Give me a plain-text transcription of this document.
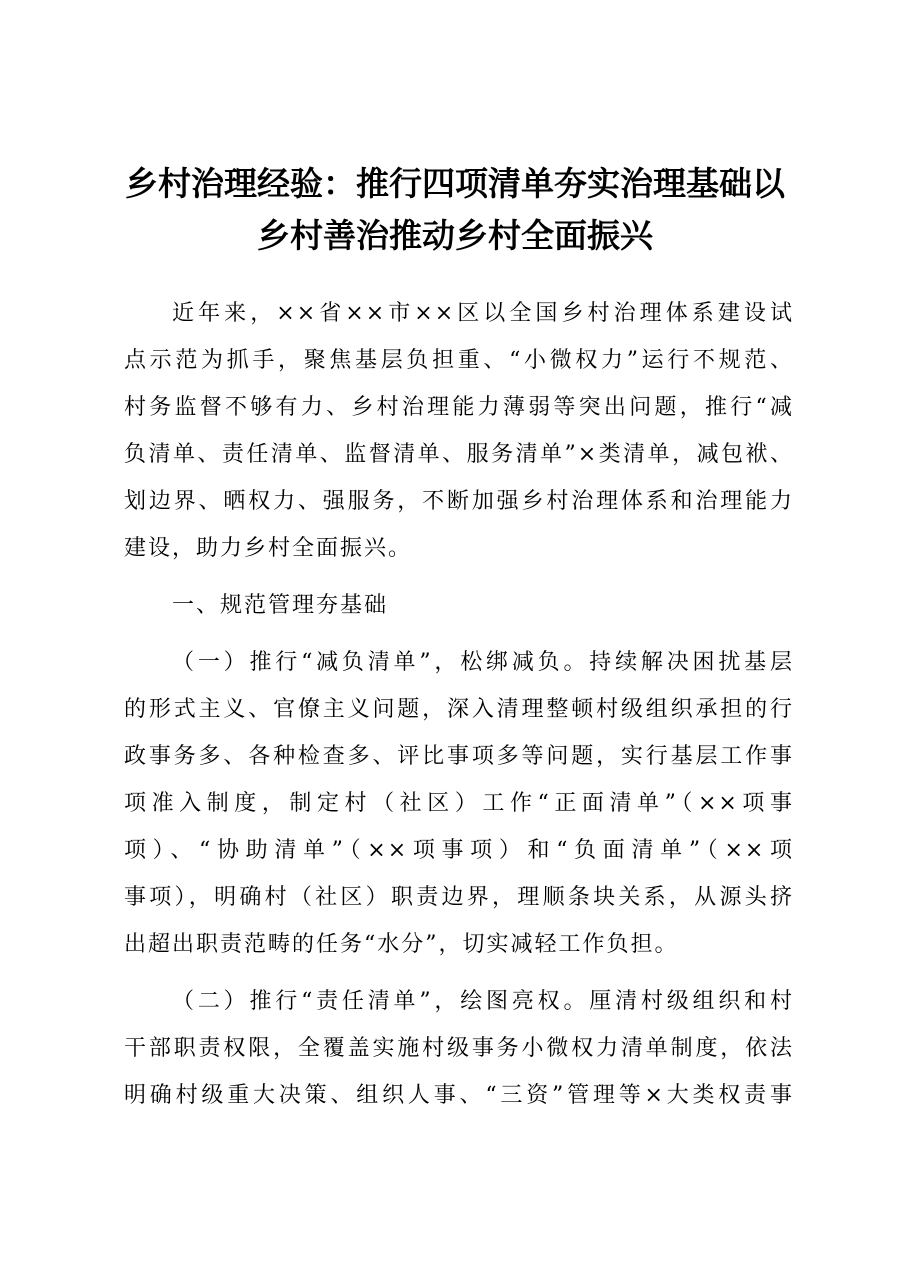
乡村治理经验：推行四项清单夯实治理基础以
乡村善治推动乡村全面振兴
近年来，××省××市××区以全国乡村治理体系建设试
点示范为抓手，聚焦基层负担重、“小微权力”运行不规范、
村务监督不够有力、乡村治理能力薄弱等突出问题，推行“减
负清单、责任清单、监督清单、服务清单”×类清单，减包袱、
划边界、晒权力、强服务，不断加强乡村治理体系和治理能力
建设，助力乡村全面振兴。
一、规范管理夯基础
（一）推行“减负清单”，松绑减负。持续解决困扰基层
的形式主义、官僚主义问题，深入清理整顿村级组织承担的行
政事务多、各种检查多、评比事项多等问题，实行基层工作事
项准入制度，制定村（社区）工作“正面清单”（××项事
项）、“协助清单”（××项事项）和“负面清单”（××项
事项），明确村（社区）职责边界，理顺条块关系，从源头挤
出超出职责范畴的任务“水分”，切实减轻工作负担。
（二）推行“责任清单”，绘图亮权。厘清村级组织和村
干部职责权限，全覆盖实施村级事务小微权力清单制度，依法
明确村级重大决策、组织人事、“三资”管理等×大类权责事
